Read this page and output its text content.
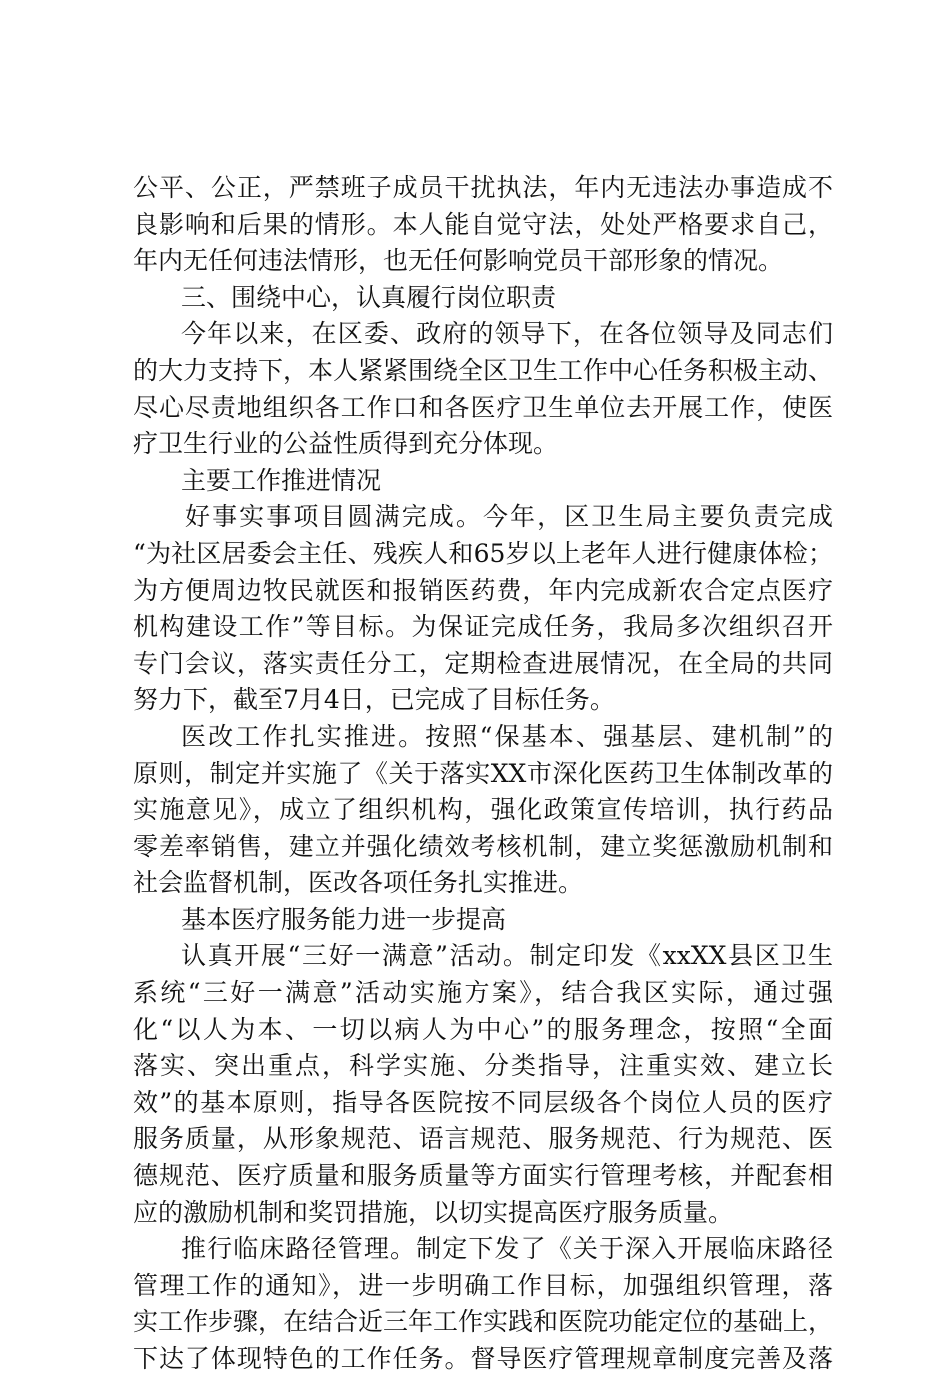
公平、公正，严禁班子成员干扰执法，年内无违法办事造成不
良影响和后果的情形。本人能自觉守法，处处严格要求自己，
年内无任何违法情形，也无任何影响党员干部形象的情况。
三、围绕中心，认真履行岗位职责
今年以来，在区委、政府的领导下，在各位领导及同志们
的大力支持下，本人紧紧围绕全区卫生工作中心任务积极主动、
尽心尽责地组织各工作口和各医疗卫生单位去开展工作，使医
疗卫生行业的公益性质得到充分体现。
主要工作推进情况
好事实事项目圆满完成。今年，区卫生局主要负责完成
“为社区居委会主任、残疾人和65岁以上老年人进行健康体检；
为方便周边牧民就医和报销医药费，年内完成新农合定点医疗
机构建设工作”等目标。为保证完成任务，我局多次组织召开
专门会议，落实责任分工，定期检查进展情况，在全局的共同
努力下，截至7月4日，已完成了目标任务。
医改工作扎实推进。按照“保基本、强基层、建机制”的
原则，制定并实施了《关于落实XX市深化医药卫生体制改革的
实施意见》，成立了组织机构，强化政策宣传培训，执行药品
零差率销售，建立并强化绩效考核机制，建立奖惩激励机制和
社会监督机制，医改各项任务扎实推进。
基本医疗服务能力进一步提高
认真开展“三好一满意”活动。制定印发《xxXX县区卫生
系统“三好一满意”活动实施方案》，结合我区实际，通过强
化“以人为本、一切以病人为中心”的服务理念，按照“全面
落实、突出重点，科学实施、分类指导，注重实效、建立长
效”的基本原则，指导各医院按不同层级各个岗位人员的医疗
服务质量，从形象规范、语言规范、服务规范、行为规范、医
德规范、医疗质量和服务质量等方面实行管理考核，并配套相
应的激励机制和奖罚措施，以切实提高医疗服务质量。
推行临床路径管理。制定下发了《关于深入开展临床路径
管理工作的通知》，进一步明确工作目标，加强组织管理，落
实工作步骤，在结合近三年工作实践和医院功能定位的基础上，
下达了体现特色的工作任务。督导医疗管理规章制度完善及落
